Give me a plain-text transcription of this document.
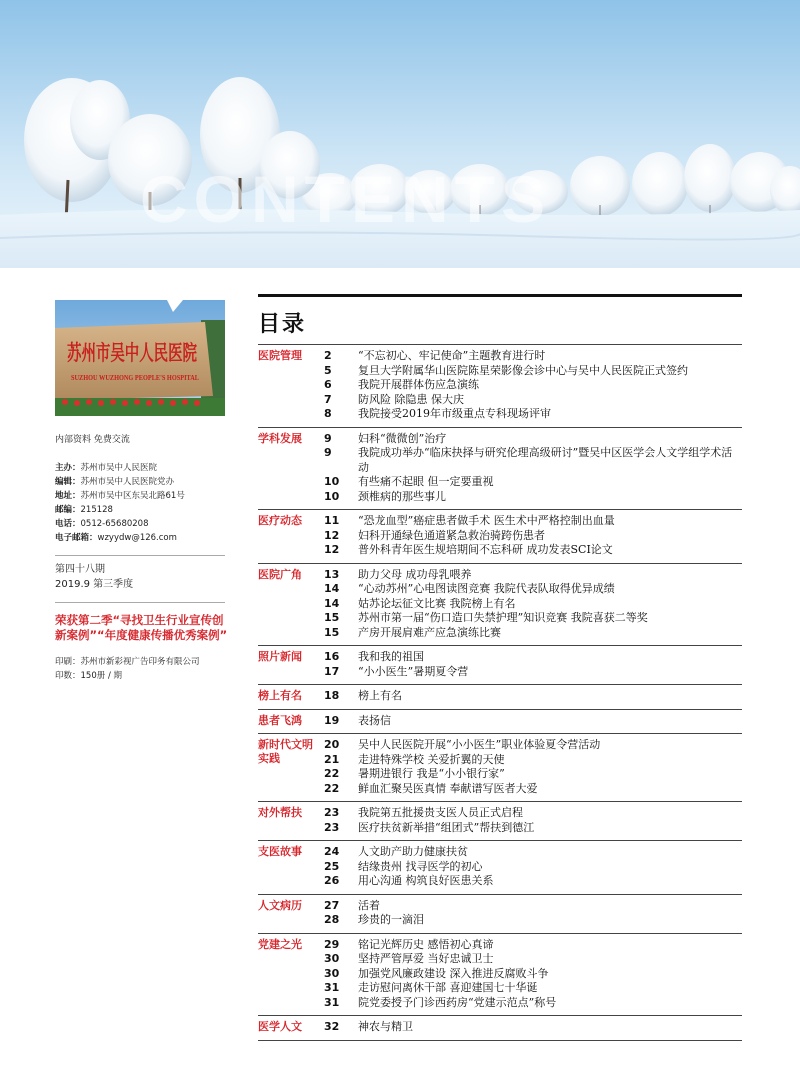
CONTENTS
苏州市吴中人民医院
SUZHOU WUZHONG PEOPLE'S HOSPITAL
内部资料 免费交流
主办：苏州市吴中人民医院
编辑：苏州市吴中人民医院党办
地址：苏州市吴中区东吴北路61号
邮编：215128
电话：0512-65680208
电子邮箱：wzyydw@126.com
第四十八期
2019.9 第三季度
荣获第二季“寻找卫生行业宣传创新案例”“年度健康传播优秀案例”
印刷：苏州市新彩视广告印务有限公司
印数：150册 / 期
目录
医院管理	2	“不忘初心、牢记使命”主题教育进行时
5	复旦大学附属华山医院陈星荣影像会诊中心与吴中人民医院正式签约
6	我院开展群体伤应急演练
7	防风险 除隐患 保大庆
8	我院接受2019年市级重点专科现场评审
学科发展	9	妇科“微微创”治疗
9	我院成功举办“临床抉择与研究伦理高级研讨”暨吴中区医学会人文学组学术活动
10	有些痛不起眼 但一定要重视
10	颈椎病的那些事儿
医疗动态	11	“恐龙血型”癌症患者做手术 医生术中严格控制出血量
12	妇科开通绿色通道紧急救治骑跨伤患者
12	普外科青年医生规培期间不忘科研 成功发表SCI论文
医院广角	13	助力父母 成功母乳喂养
14	“心动苏州”心电图读图竞赛 我院代表队取得优异成绩
14	姑苏论坛征文比赛 我院榜上有名
15	苏州市第一届“伤口造口失禁护理”知识竞赛 我院喜获二等奖
15	产房开展肩难产应急演练比赛
照片新闻	16	我和我的祖国
17	“小小医生”暑期夏令营
榜上有名	18	榜上有名
患者飞鸿	19	表扬信
新时代文明实践
20	吴中人民医院开展“小小医生”职业体验夏令营活动
21	走进特殊学校 关爱折翼的天使
22	暑期进银行 我是“小小银行家”
22	鲜血汇聚吴医真情 奉献谱写医者大爱
对外帮扶	23	我院第五批援贵支医人员正式启程
23	医疗扶贫新举措“组团式”帮扶到德江
支医故事	24	人文助产助力健康扶贫
25	结缘贵州 找寻医学的初心
26	用心沟通 构筑良好医患关系
人文病历	27	活着
28	珍贵的一滴泪
党建之光	29	铭记光辉历史 感悟初心真谛
30	坚持严管厚爱 当好忠诚卫士
30	加强党风廉政建设 深入推进反腐败斗争
31	走访慰问离休干部 喜迎建国七十华诞
31	院党委授予门诊西药房“党建示范点”称号
医学人文	32	神农与精卫
